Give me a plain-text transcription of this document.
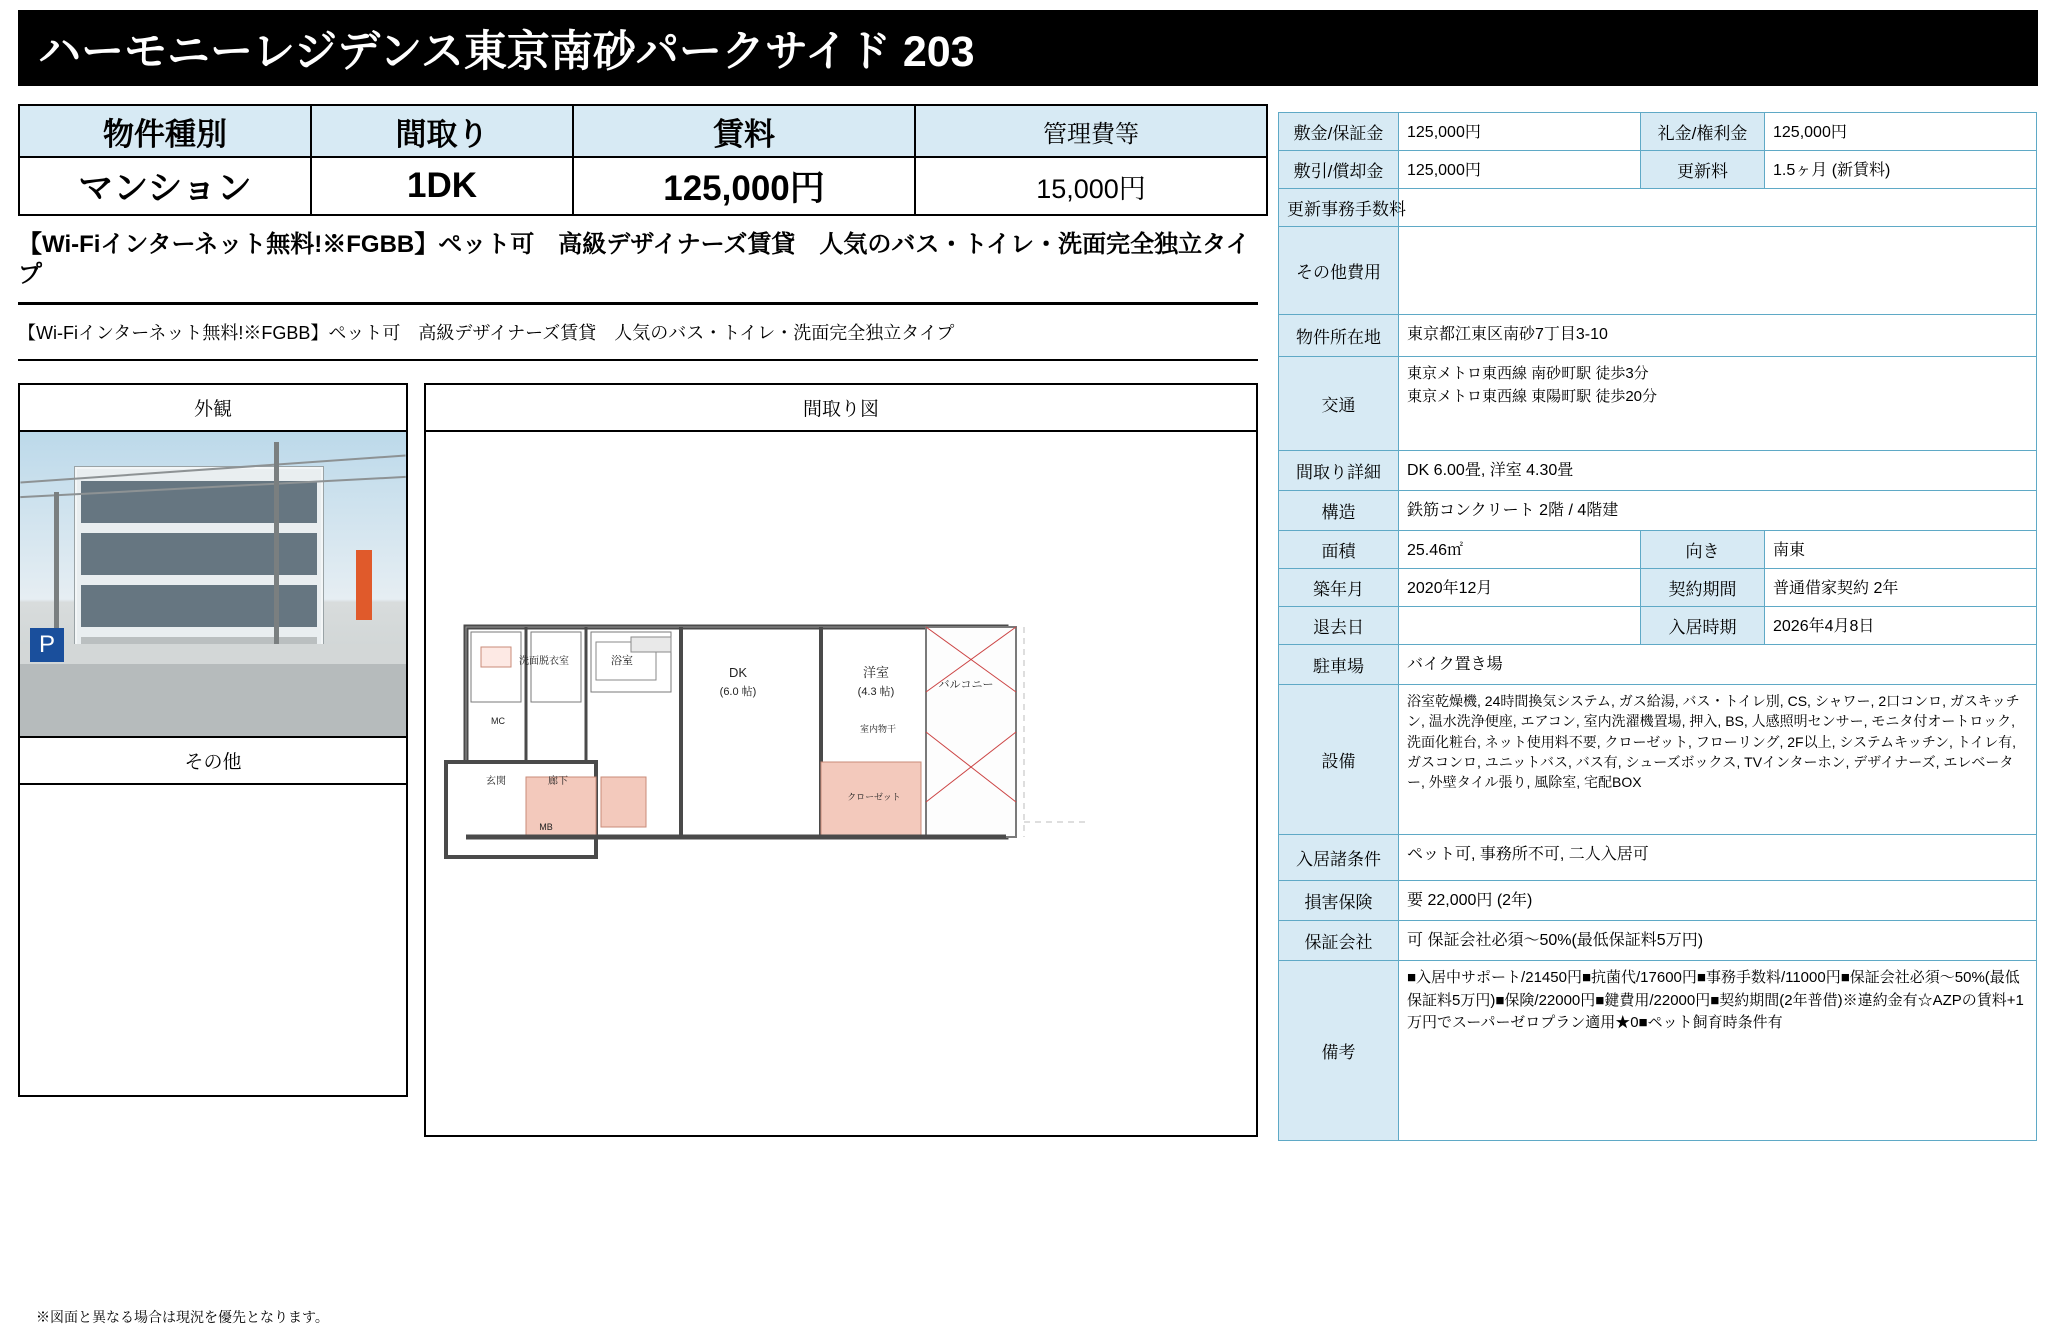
ハーモニーレジデンス東京南砂パークサイド 203
物件種別	間取り	賃料	管理費等

マンション	1DK	125,000円	15,000円
【Wi-Fiインターネット無料!※FGBB】ペット可　高級デザイナーズ賃貸　人気のバス・トイレ・洗面完全独立タイプ
【Wi-Fiインターネット無料!※FGBB】ペット可　高級デザイナーズ賃貸　人気のバス・トイレ・洗面完全独立タイプ
外観
P
その他
間取り図
DK
(6.0 帖)
洋室
(4.3 帖)
浴室
洗面脱衣室
MC
玄関	廊下
バルコニー
室内物干
クローゼット
MB
※図面と異なる場合は現況を優先となります。
敷金/保証金	125,000円	礼金/権利金	125,000円
敷引/償却金	125,000円	更新料	1.5ヶ月 (新賃料)
更新事務手数料			
その他費用			
物件所在地	東京都江東区南砂7丁目3-10		
交通	東京メトロ東西線 南砂町駅 徒歩3分
東京メトロ東西線 東陽町駅 徒歩20分		
間取り詳細	DK 6.00畳, 洋室 4.30畳		
構造	鉄筋コンクリート 2階 / 4階建		
面積	25.46㎡	向き	南東
築年月	2020年12月	契約期間	普通借家契約 2年
退去日		入居時期	2026年4月8日
駐車場	バイク置き場		
設備	浴室乾燥機, 24時間換気システム, ガス給湯, バス・トイレ別, CS, シャワー, 2口コンロ, ガスキッチン, 温水洗浄便座, エアコン, 室内洗濯機置場, 押入, BS, 人感照明センサー, モニタ付オートロック, 洗面化粧台, ネット使用料不要, クローゼット, フローリング, 2F以上, システムキッチン, トイレ有, ガスコンロ, ユニットバス, バス有, シューズボックス, TVインターホン, デザイナーズ, エレベーター, 外壁タイル張り, 風除室, 宅配BOX		
入居諸条件	ペット可, 事務所不可, 二人入居可		
損害保険	要 22,000円 (2年)		
保証会社	可 保証会社必須〜50%(最低保証料5万円)		
備考	■入居中サポート/21450円■抗菌代/17600円■事務手数料/11000円■保証会社必須〜50%(最低保証料5万円)■保険/22000円■鍵費用/22000円■契約期間(2年普借)※違約金有☆AZPの賃料+1万円でスーパーゼロプラン適用★0■ペット飼育時条件有		
